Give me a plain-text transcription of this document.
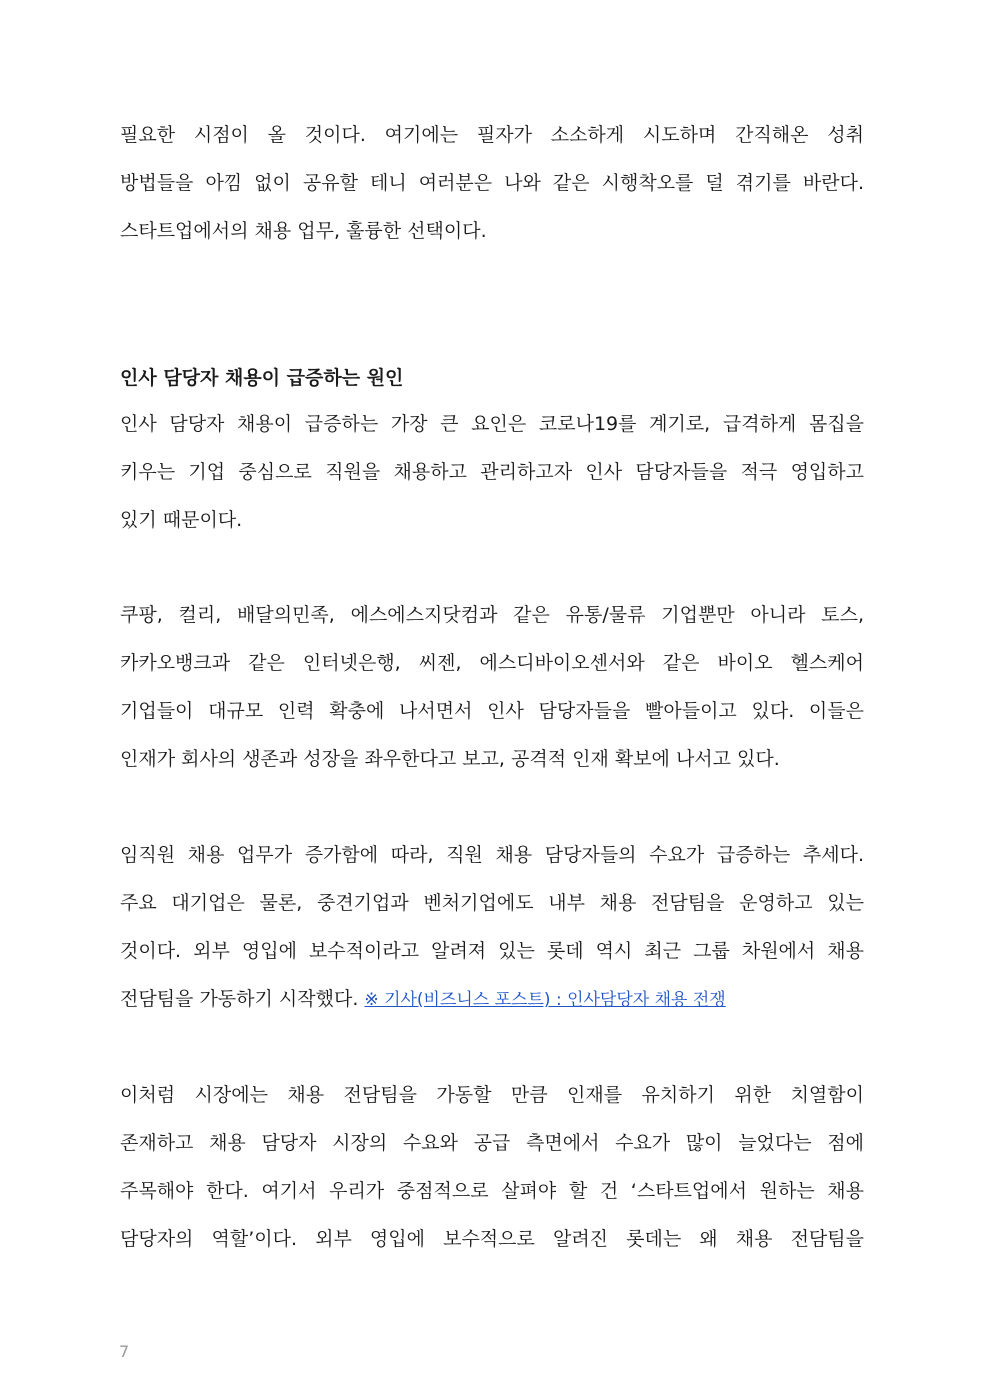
필요한 시점이 올 것이다. 여기에는 필자가 소소하게 시도하며 간직해온 성취
방법들을 아낌 없이 공유할 테니 여러분은 나와 같은 시행착오를 덜 겪기를 바란다.
스타트업에서의 채용 업무, 훌륭한 선택이다.
인사 담당자 채용이 급증하는 원인
인사 담당자 채용이 급증하는 가장 큰 요인은 코로나19를 계기로, 급격하게 몸집을
키우는 기업 중심으로 직원을 채용하고 관리하고자 인사 담당자들을 적극 영입하고
있기 때문이다.
쿠팡, 컬리, 배달의민족, 에스에스지닷컴과 같은 유통/물류 기업뿐만 아니라 토스,
카카오뱅크과 같은 인터넷은행, 씨젠, 에스디바이오센서와 같은 바이오 헬스케어
기업들이 대규모 인력 확충에 나서면서 인사 담당자들을 빨아들이고 있다. 이들은
인재가 회사의 생존과 성장을 좌우한다고 보고, 공격적 인재 확보에 나서고 있다.
임직원 채용 업무가 증가함에 따라, 직원 채용 담당자들의 수요가 급증하는 추세다.
주요 대기업은 물론, 중견기업과 벤처기업에도 내부 채용 전담팀을 운영하고 있는
것이다. 외부 영입에 보수적이라고 알려져 있는 롯데 역시 최근 그룹 차원에서 채용
전담팀을 가동하기 시작했다. ※ 기사(비즈니스 포스트) : 인사담당자 채용 전쟁
이처럼 시장에는 채용 전담팀을 가동할 만큼 인재를 유치하기 위한 치열함이
존재하고 채용 담당자 시장의 수요와 공급 측면에서 수요가 많이 늘었다는 점에
주목해야 한다. 여기서 우리가 중점적으로 살펴야 할 건 ‘스타트업에서 원하는 채용
담당자의 역할’이다. 외부 영입에 보수적으로 알려진 롯데는 왜 채용 전담팀을
7
